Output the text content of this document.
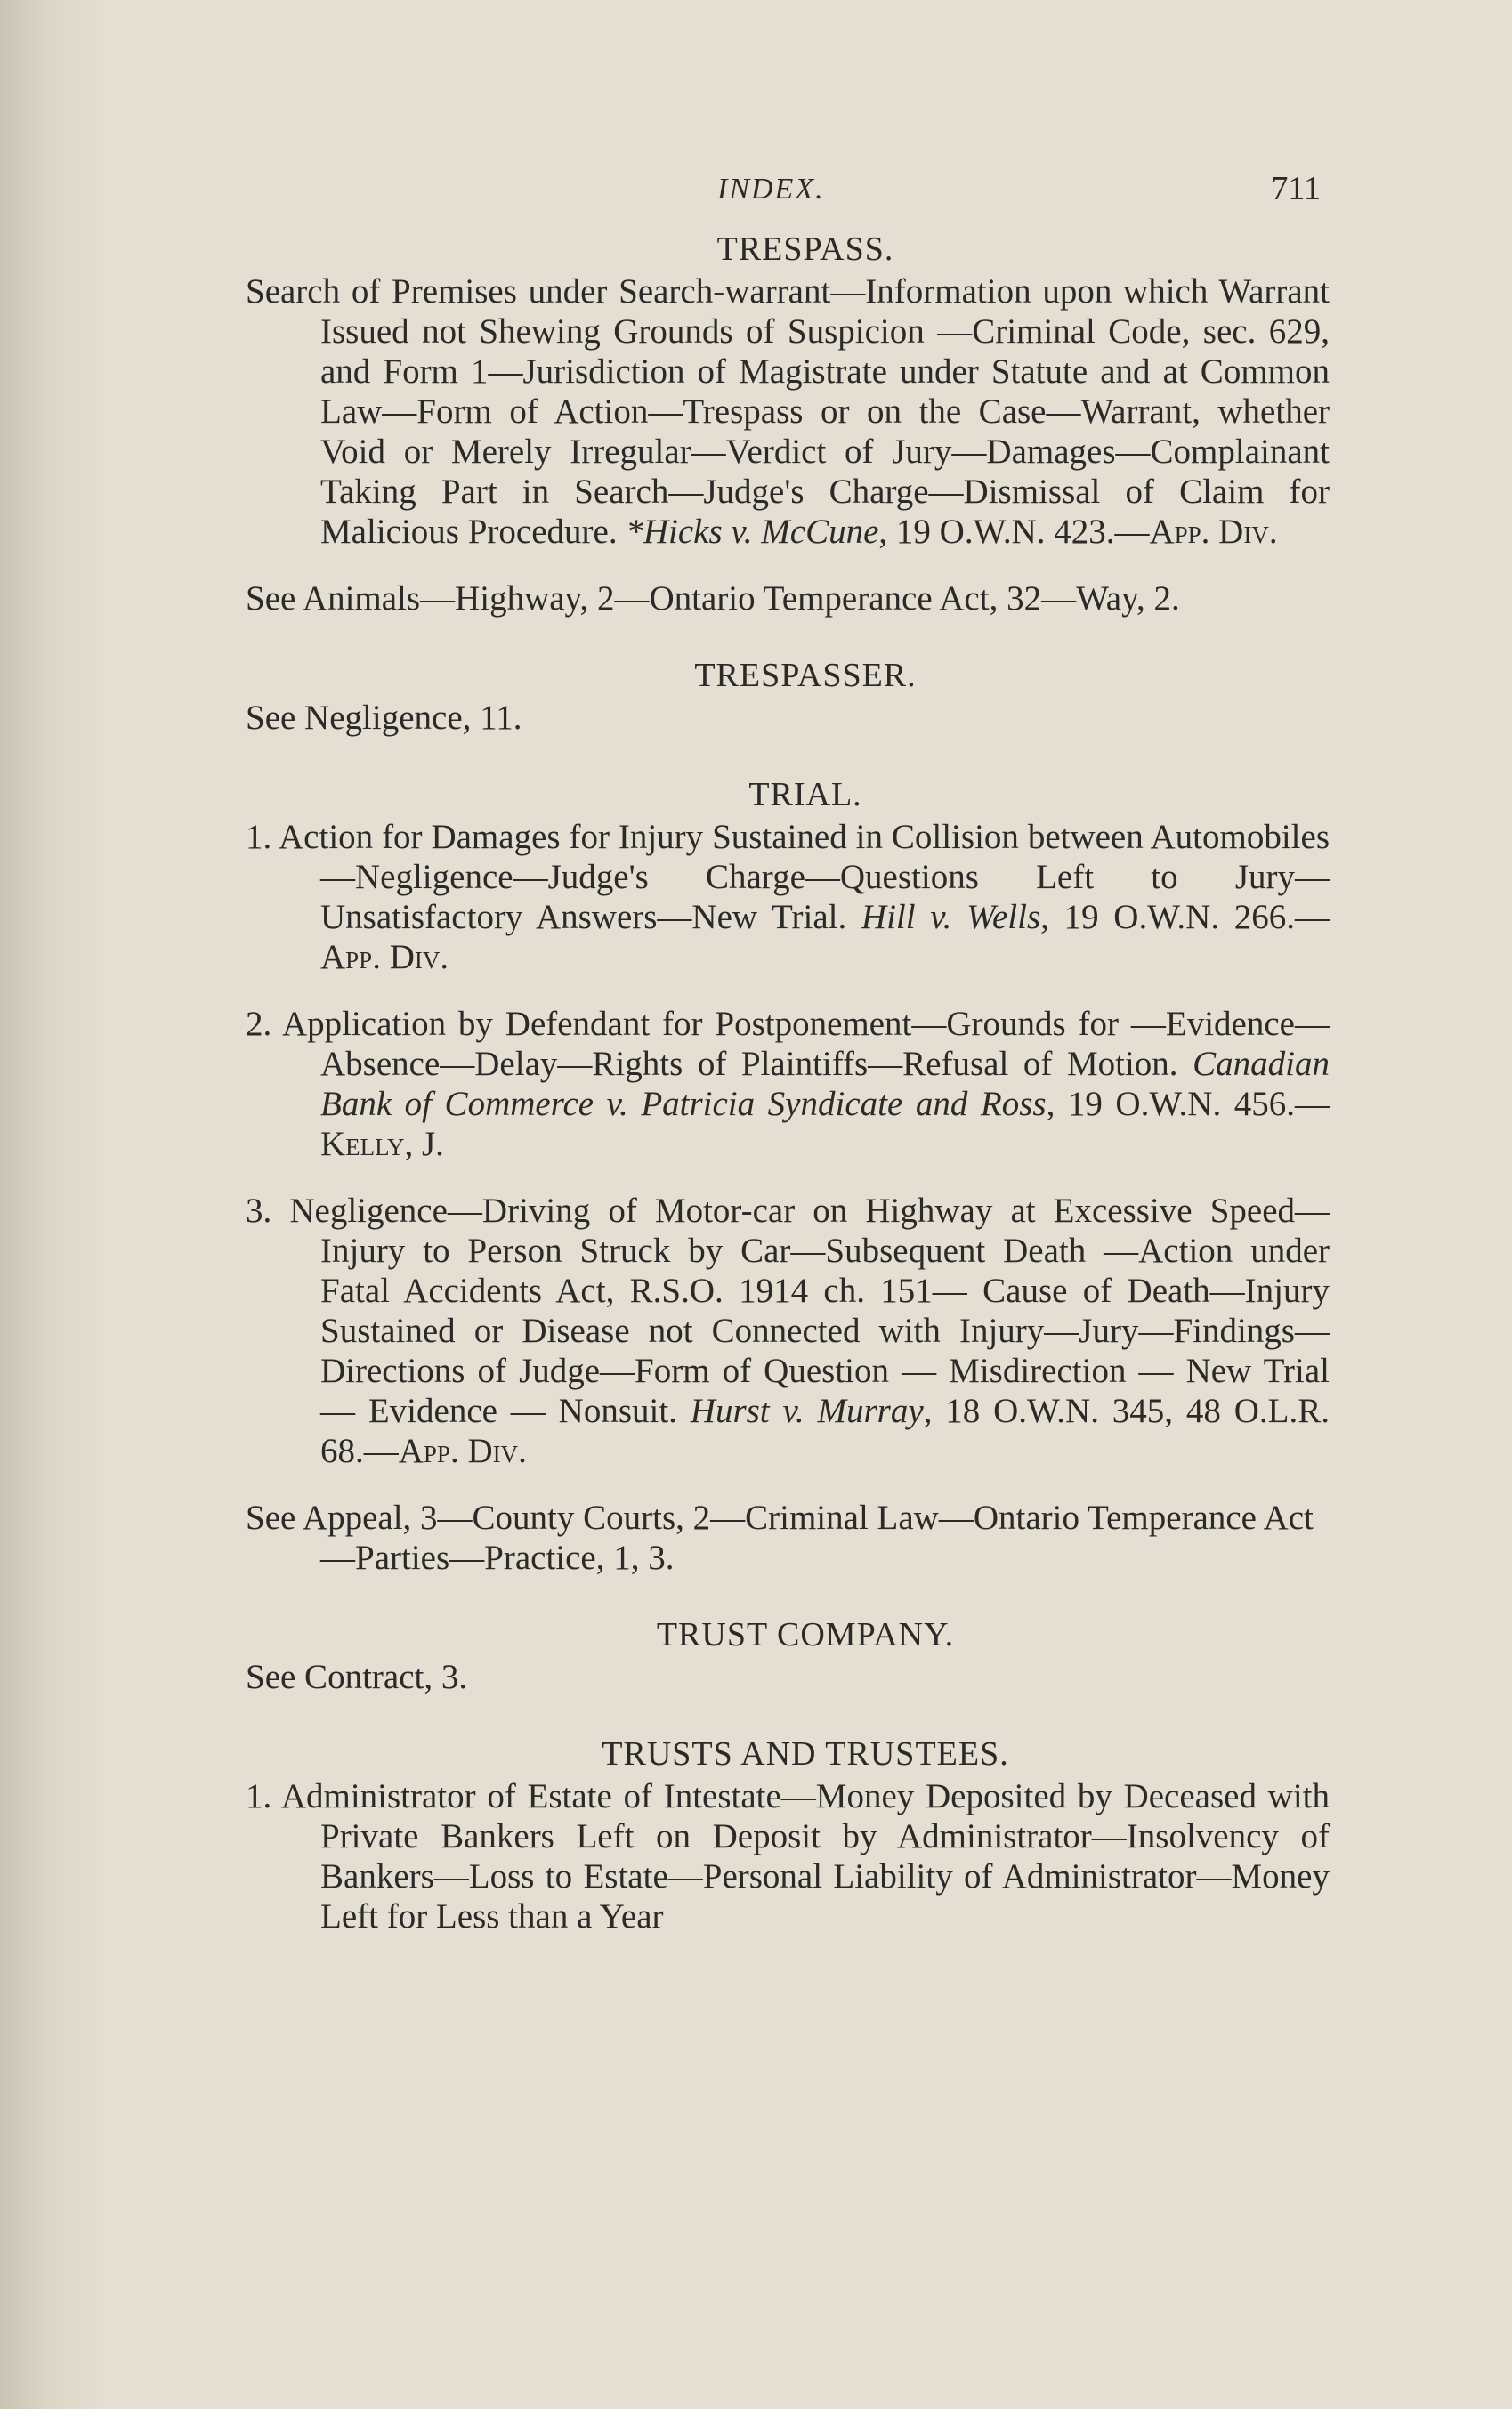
INDEX.	711
TRESPASS.

Search of Premises under Search-warrant—Information upon which Warrant Issued not Shewing Grounds of Suspicion —Criminal Code, sec. 629, and Form 1—Jurisdiction of Magistrate under Statute and at Common Law—Form of Action—Trespass or on the Case—Warrant, whether Void or Merely Irregular—Verdict of Jury—Damages—Complainant Taking Part in Search—Judge's Charge—Dismissal of Claim for Malicious Procedure. *Hicks v. McCune, 19 O.W.N. 423.—App. Div.

See Animals—Highway, 2—Ontario Temperance Act, 32—Way, 2.

TRESPASSER.

See Negligence, 11.

TRIAL.

1. Action for Damages for Injury Sustained in Collision between Automobiles—Negligence—Judge's Charge—Questions Left to Jury—Unsatisfactory Answers—New Trial. Hill v. Wells, 19 O.W.N. 266.—App. Div.

2. Application by Defendant for Postponement—Grounds for —Evidence—Absence—Delay—Rights of Plaintiffs—Refusal of Motion. Canadian Bank of Commerce v. Patricia Syndicate and Ross, 19 O.W.N. 456.—Kelly, J.

3. Negligence—Driving of Motor-car on Highway at Excessive Speed—Injury to Person Struck by Car—Subsequent Death —Action under Fatal Accidents Act, R.S.O. 1914 ch. 151— Cause of Death—Injury Sustained or Disease not Connected with Injury—Jury—Findings—Directions of Judge—Form of Question — Misdirection — New Trial — Evidence — Nonsuit. Hurst v. Murray, 18 O.W.N. 345, 48 O.L.R. 68.—App. Div.

See Appeal, 3—County Courts, 2—Criminal Law—Ontario Temperance Act—Parties—Practice, 1, 3.

TRUST COMPANY.

See Contract, 3.

TRUSTS AND TRUSTEES.

1. Administrator of Estate of Intestate—Money Deposited by Deceased with Private Bankers Left on Deposit by Administrator—Insolvency of Bankers—Loss to Estate—Personal Liability of Administrator—Money Left for Less than a Year
